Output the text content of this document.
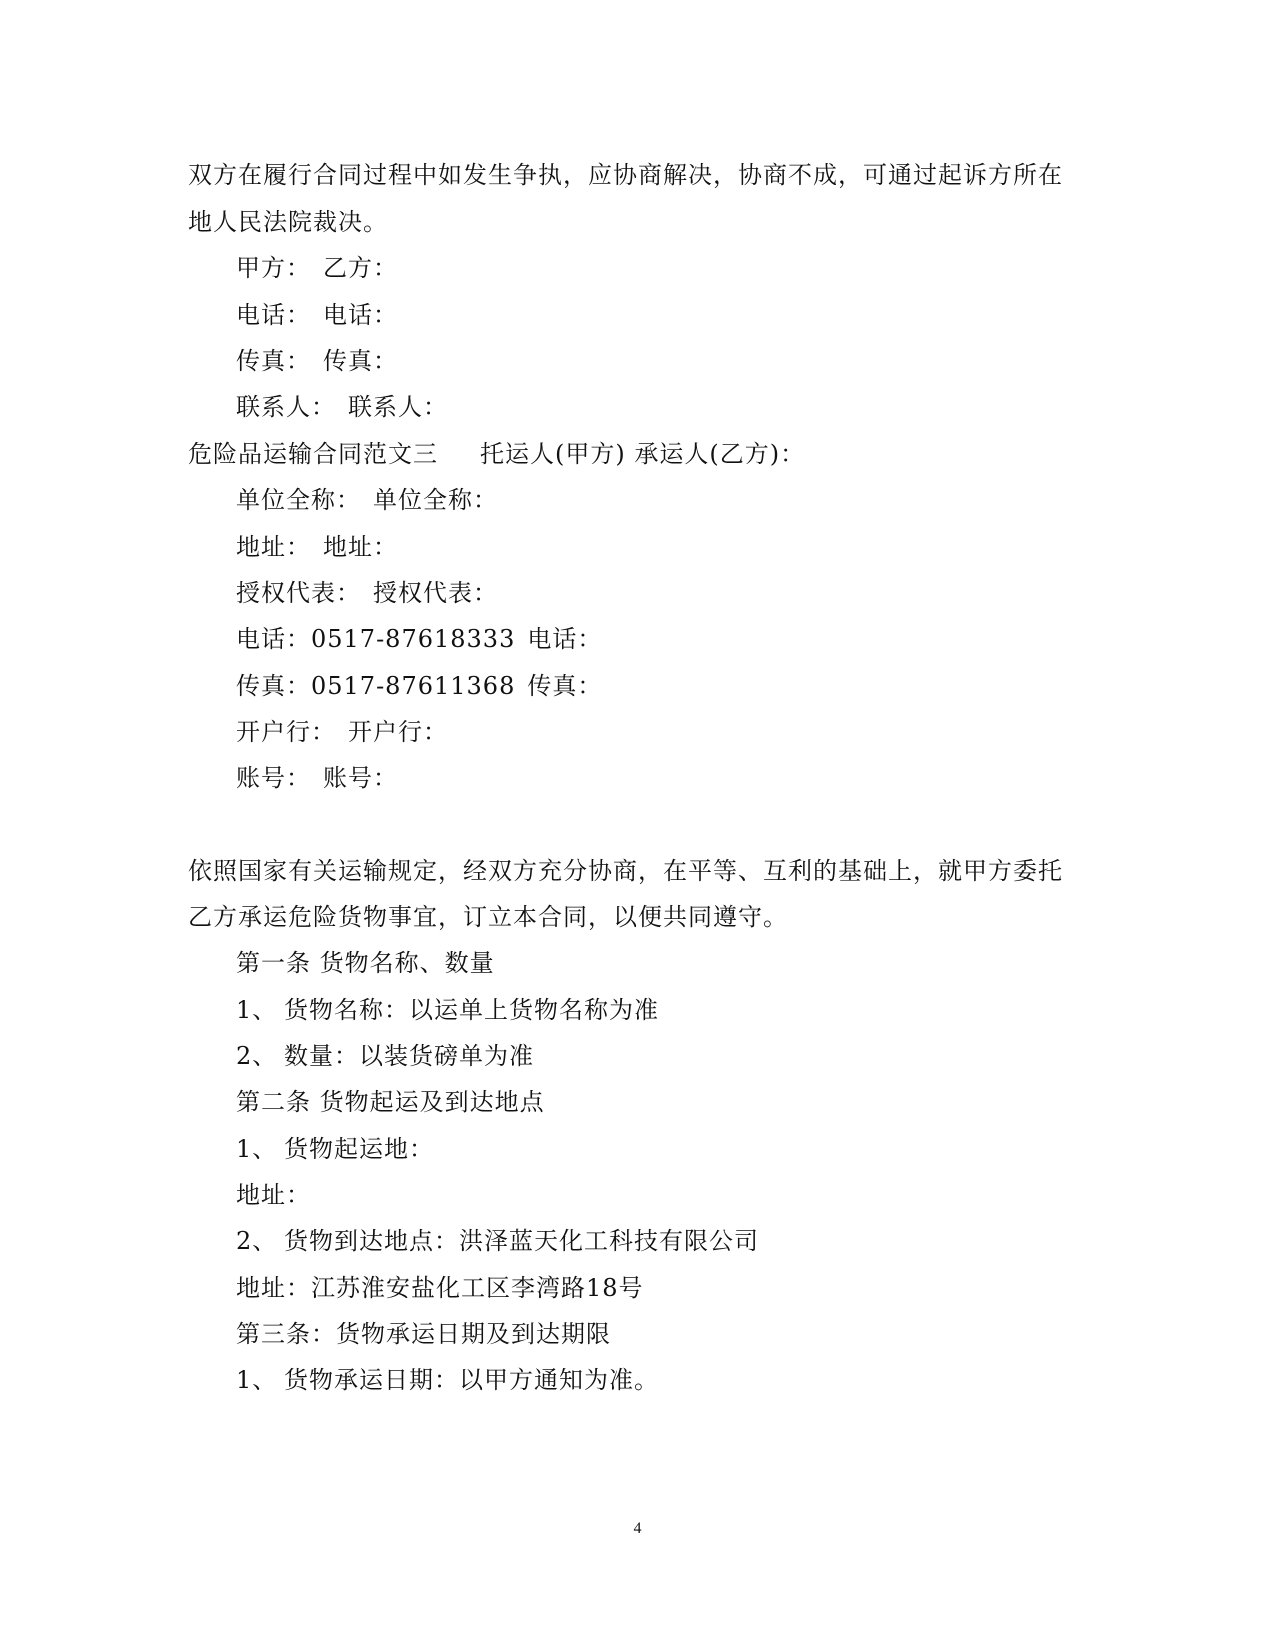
双方在履行合同过程中如发生争执，应协商解决，协商不成，可通过起诉方所在
地人民法院裁决。
甲方： 乙方：
电话： 电话：
传真： 传真：
联系人： 联系人：
危险品运输合同范文三 托运人(甲方) 承运人(乙方)：
单位全称： 单位全称：
地址： 地址：
授权代表： 授权代表：
电话：0517-87618333 电话：
传真：0517-87611368 传真：
开户行： 开户行：
账号： 账号：
依照国家有关运输规定，经双方充分协商，在平等、互利的基础上，就甲方委托
乙方承运危险货物事宜，订立本合同，以便共同遵守。
第一条 货物名称、数量
1、 货物名称：以运单上货物名称为准
2、 数量：以装货磅单为准
第二条 货物起运及到达地点
1、 货物起运地：
地址：
2、 货物到达地点：洪泽蓝天化工科技有限公司
地址：江苏淮安盐化工区李湾路18号
第三条：货物承运日期及到达期限
1、 货物承运日期：以甲方通知为准。
4
